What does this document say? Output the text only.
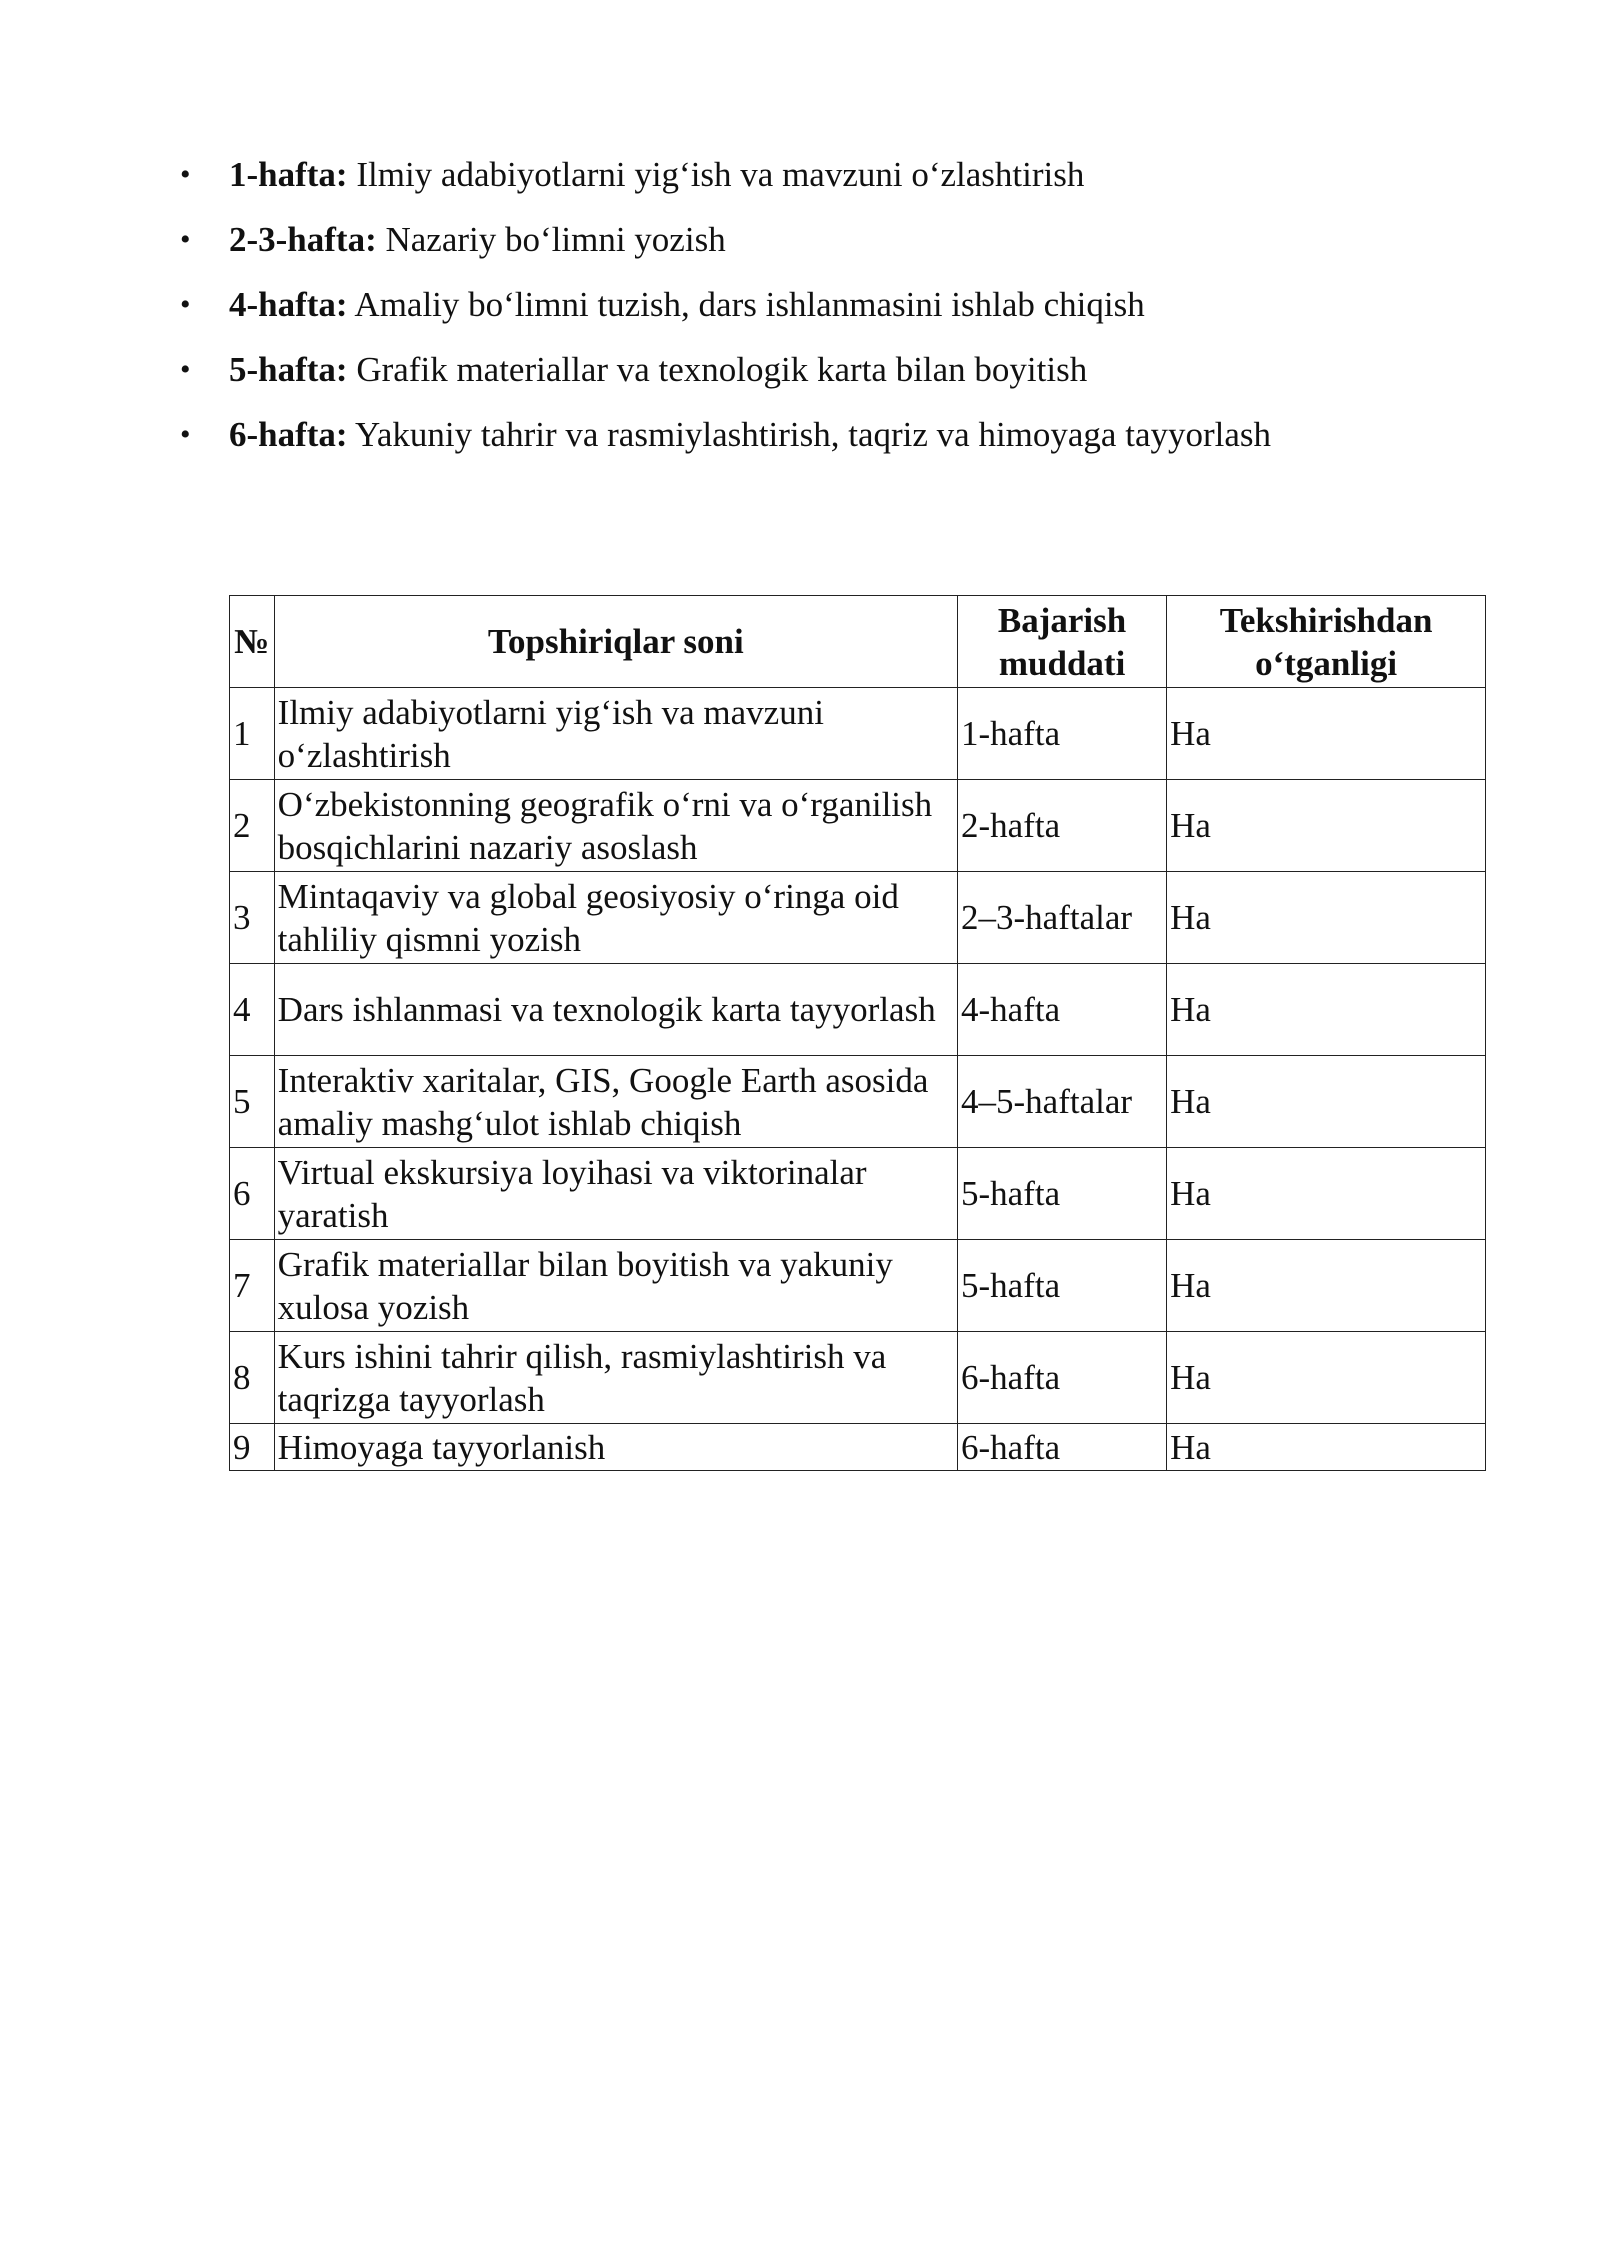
• 1-hafta: Ilmiy adabiyotlarni yig‘ish va mavzuni o‘zlashtirish
• 2-3-hafta: Nazariy bo‘limni yozish
• 4-hafta: Amaliy bo‘limni tuzish, dars ishlanmasini ishlab chiqish
• 5-hafta: Grafik materiallar va texnologik karta bilan boyitish
• 6-hafta: Yakuniy tahrir va rasmiylashtirish, taqriz va himoyaga tayyorlash
№	Topshiriqlar soni	Bajarish muddati	Tekshirishdan o‘tganligi
1	Ilmiy adabiyotlarni yig‘ish va mavzuni o‘zlashtirish	1-hafta	Ha
2	O‘zbekistonning geografik o‘rni va o‘rganilish bosqichlarini nazariy asoslash	2-hafta	Ha
3	Mintaqaviy va global geosiyosiy o‘ringa oid tahliliy qismni yozish	2–3-haftalar	Ha
4	Dars ishlanmasi va texnologik karta tayyorlash	4-hafta	Ha
5	Interaktiv xaritalar, GIS, Google Earth asosida amaliy mashg‘ulot ishlab chiqish	4–5-haftalar	Ha
6	Virtual ekskursiya loyihasi va viktorinalar yaratish	5-hafta	Ha
7	Grafik materiallar bilan boyitish va yakuniy xulosa yozish	5-hafta	Ha
8	Kurs ishini tahrir qilish, rasmiylashtirish va taqrizga tayyorlash	6-hafta	Ha
9	Himoyaga tayyorlanish	6-hafta	Ha
